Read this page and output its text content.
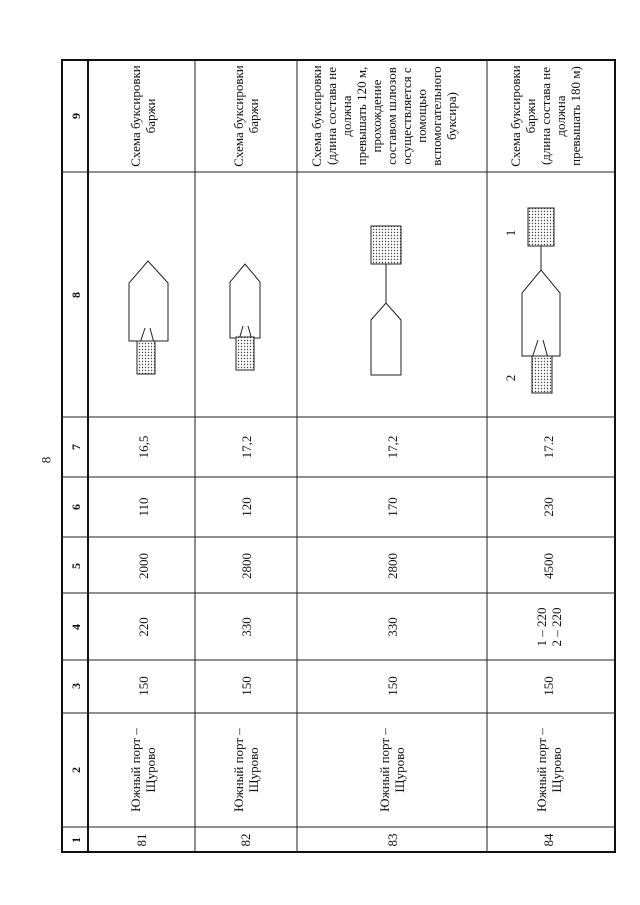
8
1
2
3
4
5
6
7
8
9
81
Южный порт – Щурово
150
220
2000
110
16,5
Схема буксировки баржи
82
Южный порт – Щурово
150
330
2800
120
17,2
Схема буксировки баржи
83
Южный порт – Щурово
150
330
2800
170
17,2
Схема буксировки (длина состава не должна превышать 120 м, прохождение составом шлюзов осуществляется с помощью вспомогательного буксира)
84
Южный порт – Щурово
150
1 – 220 2 – 220
4500
230
17.2
1
2
Схема буксировки баржи (длина состава не должна превышать 180 м)
